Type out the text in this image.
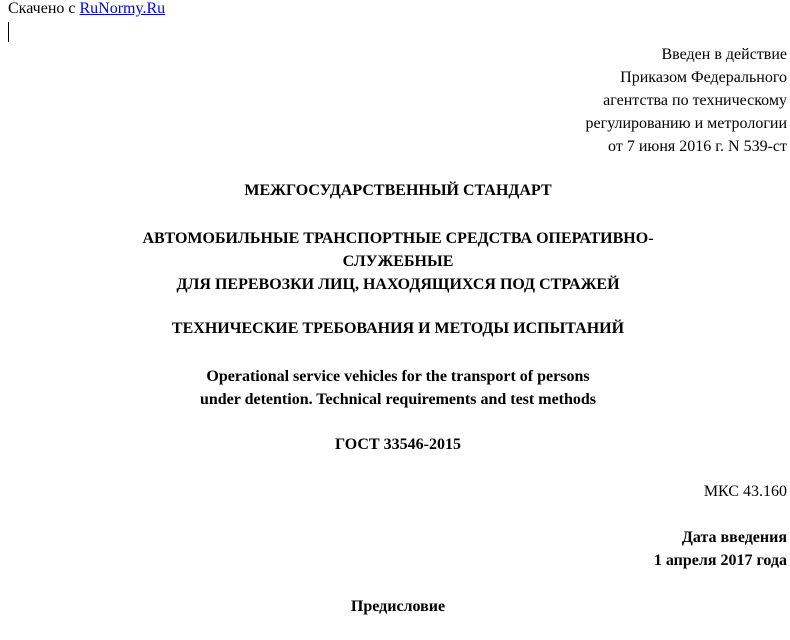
Скачено с RuNormy.Ru
Введен в действие
Приказом Федерального
агентства по техническому
регулированию и метрологии
от 7 июня 2016 г. N 539-ст
МЕЖГОСУДАРСТВЕННЫЙ СТАНДАРТ
АВТОМОБИЛЬНЫЕ ТРАНСПОРТНЫЕ СРЕДСТВА ОПЕРАТИВНО-
СЛУЖЕБНЫЕ
ДЛЯ ПЕРЕВОЗКИ ЛИЦ, НАХОДЯЩИХСЯ ПОД СТРАЖЕЙ
ТЕХНИЧЕСКИЕ ТРЕБОВАНИЯ И МЕТОДЫ ИСПЫТАНИЙ
Operational service vehicles for the transport of persons
under detention. Technical requirements and test methods
ГОСТ 33546-2015
МКС 43.160
Дата введения
1 апреля 2017 года
Предисловие
